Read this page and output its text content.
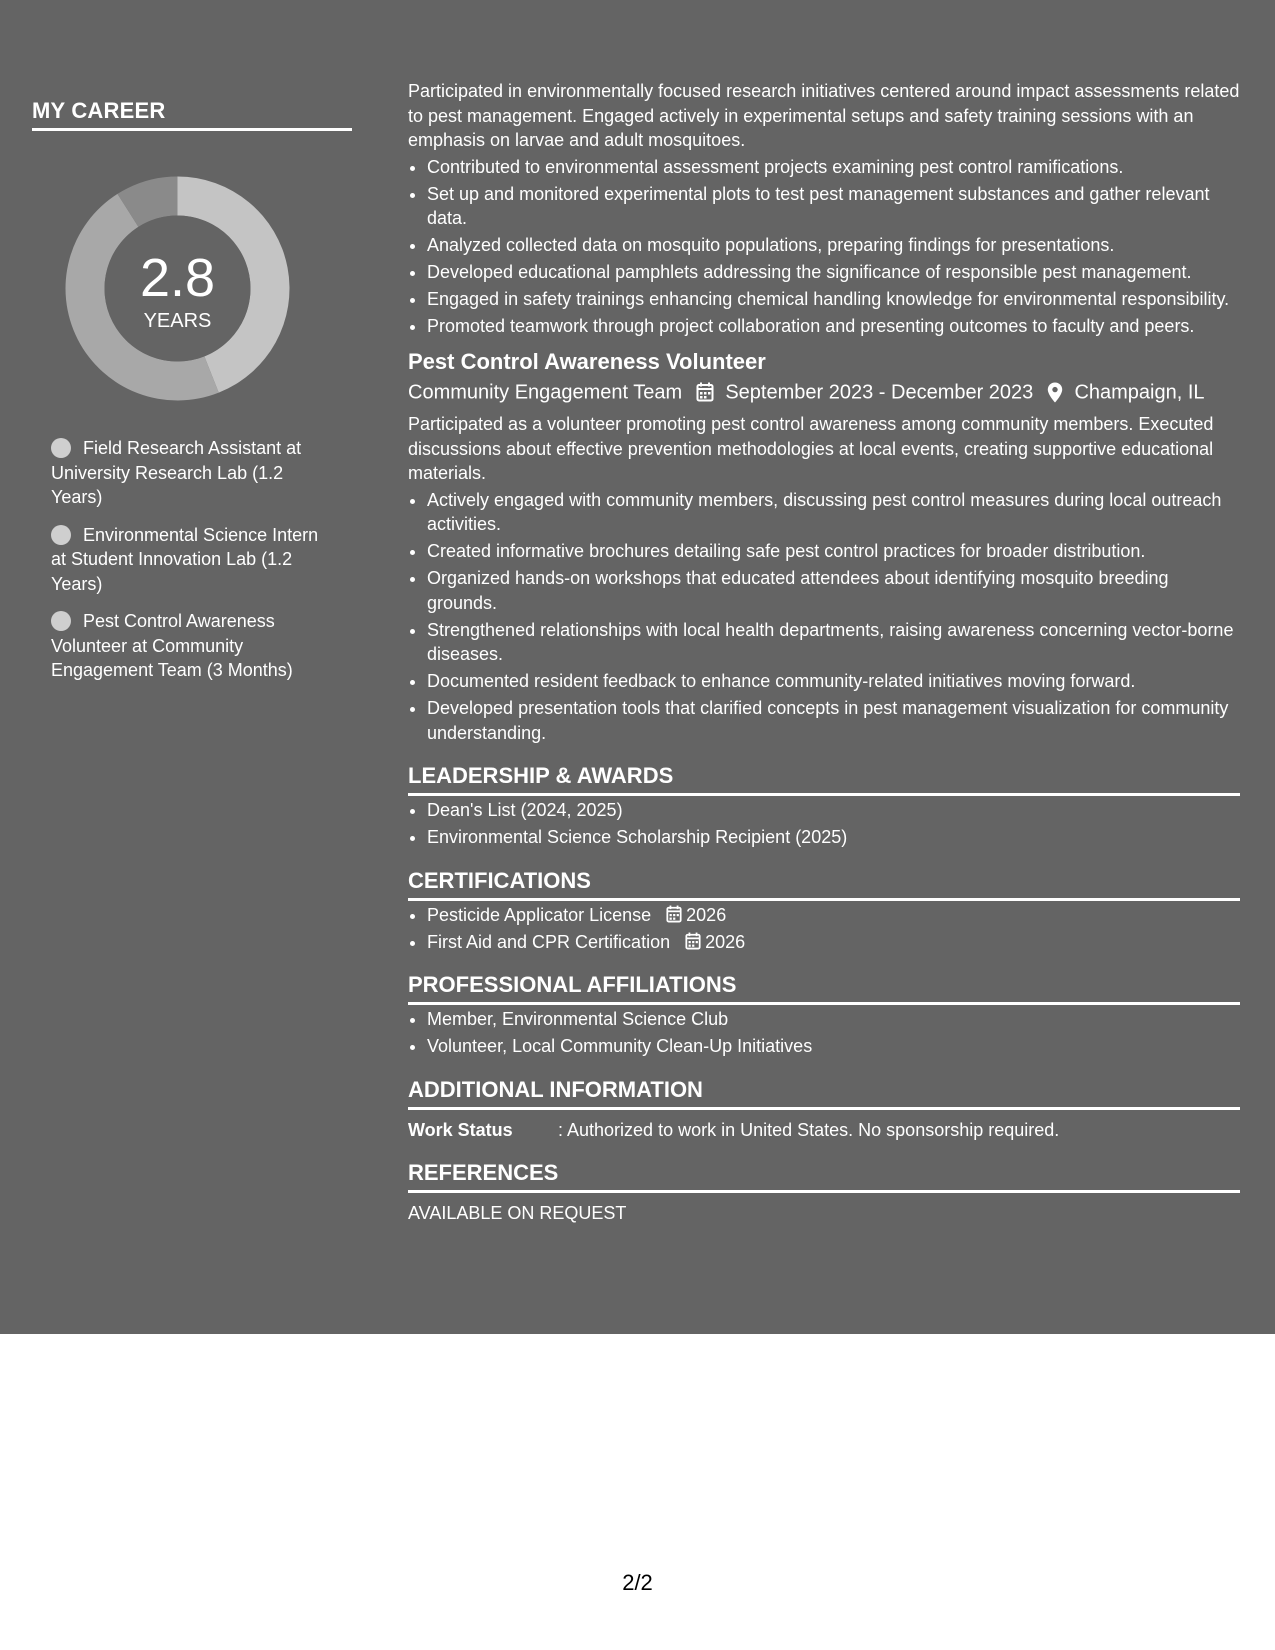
MY CAREER
2.8
YEARS
Field Research Assistant at University Research Lab (1.2 Years)
Environmental Science Intern at Student Innovation Lab (1.2 Years)
Pest Control Awareness Volunteer at Community Engagement Team (3 Months)

Participated in environmentally focused research initiatives centered around impact assessments related to pest management. Engaged actively in experimental setups and safety training sessions with an emphasis on larvae and adult mosquitoes.

• Contributed to environmental assessment projects examining pest control ramifications.
• Set up and monitored experimental plots to test pest management substances and gather relevant data.
• Analyzed collected data on mosquito populations, preparing findings for presentations.
• Developed educational pamphlets addressing the significance of responsible pest management.
• Engaged in safety trainings enhancing chemical handling knowledge for environmental responsibility.
• Promoted teamwork through project collaboration and presenting outcomes to faculty and peers.
Pest Control Awareness Volunteer
Community Engagement Team September 2023 - December 2023 Champaign, IL

Participated as a volunteer promoting pest control awareness among community members. Executed discussions about effective prevention methodologies at local events, creating supportive educational materials.

• Actively engaged with community members, discussing pest control measures during local outreach activities.
• Created informative brochures detailing safe pest control practices for broader distribution.
• Organized hands-on workshops that educated attendees about identifying mosquito breeding grounds.
• Strengthened relationships with local health departments, raising awareness concerning vector-borne diseases.
• Documented resident feedback to enhance community-related initiatives moving forward.
• Developed presentation tools that clarified concepts in pest management visualization for community understanding.
LEADERSHIP & AWARDS
• Dean's List (2024, 2025)
• Environmental Science Scholarship Recipient (2025)
CERTIFICATIONS
• Pesticide Applicator License 2026
• First Aid and CPR Certification 2026
PROFESSIONAL AFFILIATIONS
• Member, Environmental Science Club
• Volunteer, Local Community Clean-Up Initiatives
ADDITIONAL INFORMATION
Work Status	: Authorized to work in United States. No sponsorship required.
REFERENCES
AVAILABLE ON REQUEST
2/2
